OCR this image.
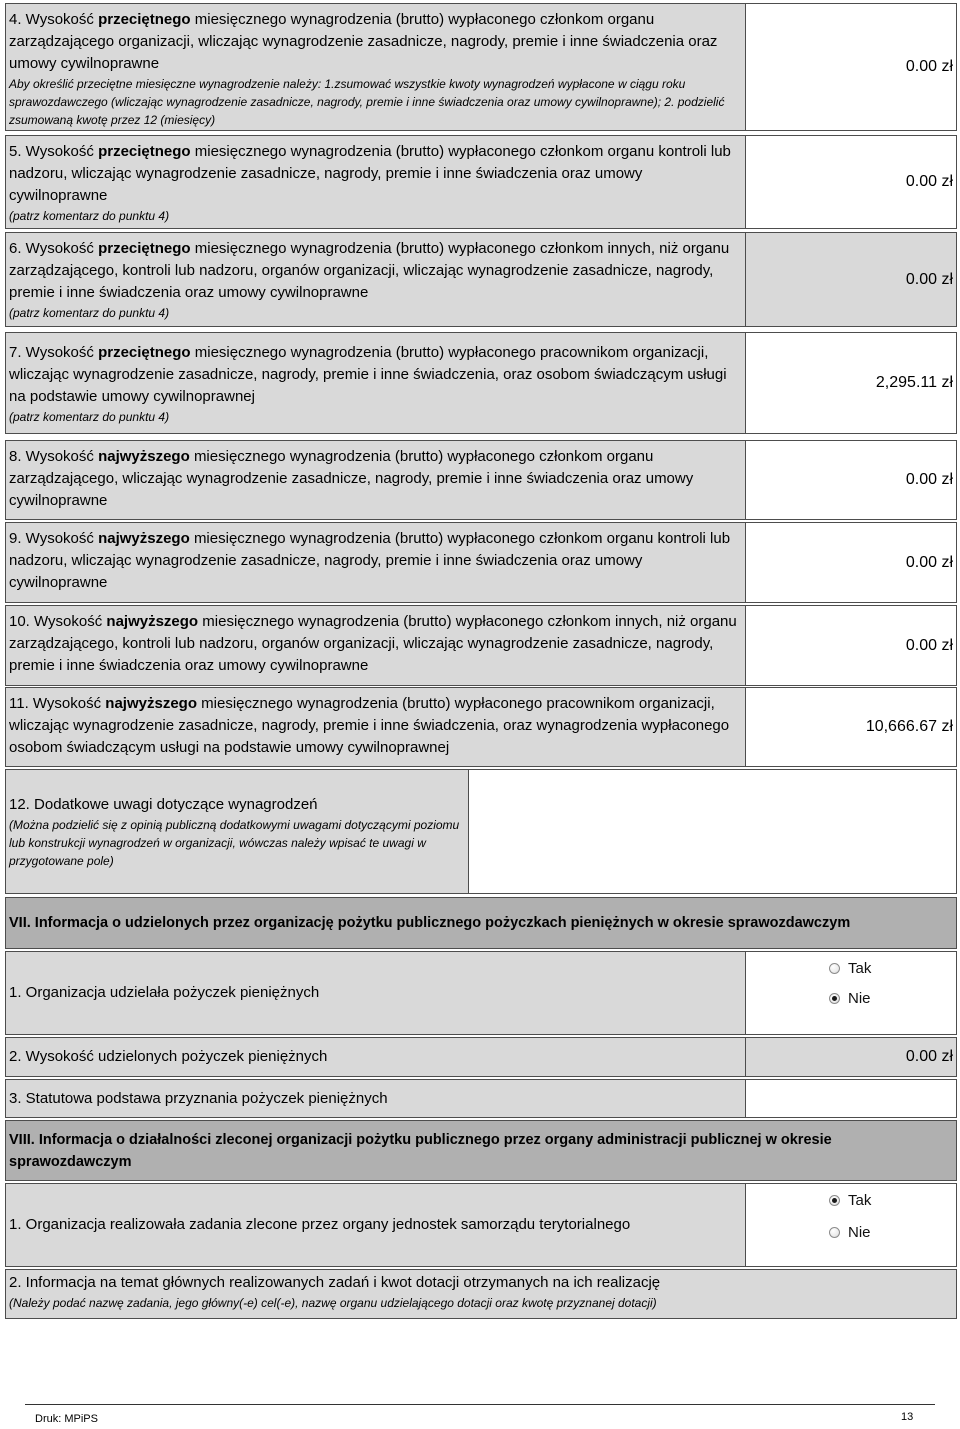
4. Wysokość przeciętnego miesięcznego wynagrodzenia (brutto) wypłaconego członkom organu zarządzającego organizacji, wliczając wynagrodzenie zasadnicze, nagrody, premie i inne świadczenia oraz umowy cywilnoprawne
Aby określić przeciętne miesięczne wynagrodzenie należy: 1.zsumować wszystkie kwoty wynagrodzeń wypłacone w ciągu roku sprawozdawczego (wliczając wynagrodzenie zasadnicze, nagrody, premie i inne świadczenia oraz umowy cywilnoprawne); 2. podzielić zsumowaną kwotę przez 12 (miesięcy)
0.00 zł
5. Wysokość przeciętnego miesięcznego wynagrodzenia (brutto) wypłaconego członkom organu kontroli lub nadzoru, wliczając wynagrodzenie zasadnicze, nagrody, premie i inne świadczenia oraz umowy cywilnoprawne
(patrz komentarz do punktu 4)
0.00 zł
6. Wysokość przeciętnego miesięcznego wynagrodzenia (brutto) wypłaconego członkom innych, niż organu zarządzającego, kontroli lub nadzoru, organów organizacji, wliczając wynagrodzenie zasadnicze, nagrody, premie i inne świadczenia oraz umowy cywilnoprawne
(patrz komentarz do punktu 4)
0.00 zł
7. Wysokość przeciętnego miesięcznego wynagrodzenia (brutto) wypłaconego pracownikom organizacji, wliczając wynagrodzenie zasadnicze, nagrody, premie i inne świadczenia, oraz osobom świadczącym usługi na podstawie umowy cywilnoprawnej
(patrz komentarz do punktu 4)
2,295.11 zł
8. Wysokość najwyższego miesięcznego wynagrodzenia (brutto) wypłaconego członkom organu zarządzającego, wliczając wynagrodzenie zasadnicze, nagrody, premie i inne świadczenia oraz umowy cywilnoprawne
0.00 zł
9. Wysokość najwyższego miesięcznego wynagrodzenia (brutto) wypłaconego członkom organu kontroli lub nadzoru, wliczając wynagrodzenie zasadnicze, nagrody, premie i inne świadczenia oraz umowy cywilnoprawne
0.00 zł
10. Wysokość najwyższego miesięcznego wynagrodzenia (brutto) wypłaconego członkom innych, niż organu zarządzającego, kontroli lub nadzoru, organów organizacji, wliczając wynagrodzenie zasadnicze, nagrody, premie i inne świadczenia oraz umowy cywilnoprawne
0.00 zł
11. Wysokość najwyższego miesięcznego wynagrodzenia (brutto) wypłaconego pracownikom organizacji, wliczając wynagrodzenie zasadnicze, nagrody, premie i inne świadczenia, oraz wynagrodzenia wypłaconego osobom świadczącym usługi na podstawie umowy cywilnoprawnej
10,666.67 zł
12. Dodatkowe uwagi dotyczące wynagrodzeń
(Można podzielić się z opinią publiczną dodatkowymi uwagami dotyczącymi poziomu lub konstrukcji wynagrodzeń w organizacji, wówczas należy wpisać te uwagi w przygotowane pole)
VII. Informacja o udzielonych przez organizację pożytku publicznego pożyczkach pieniężnych w okresie sprawozdawczym
1. Organizacja udzielała pożyczek pieniężnych
Tak
Nie
2. Wysokość udzielonych pożyczek pieniężnych	0.00 zł
3. Statutowa podstawa przyznania pożyczek pieniężnych
VIII. Informacja o działalności zleconej organizacji pożytku publicznego przez organy administracji publicznej w okresie sprawozdawczym
1. Organizacja realizowała zadania zlecone przez organy jednostek samorządu terytorialnego
Tak
Nie
2. Informacja na temat głównych realizowanych zadań i kwot dotacji otrzymanych na ich realizację
(Należy podać nazwę zadania, jego główny(-e) cel(-e), nazwę organu udzielającego dotacji oraz kwotę przyznanej dotacji)
Druk: MPiPS	13
